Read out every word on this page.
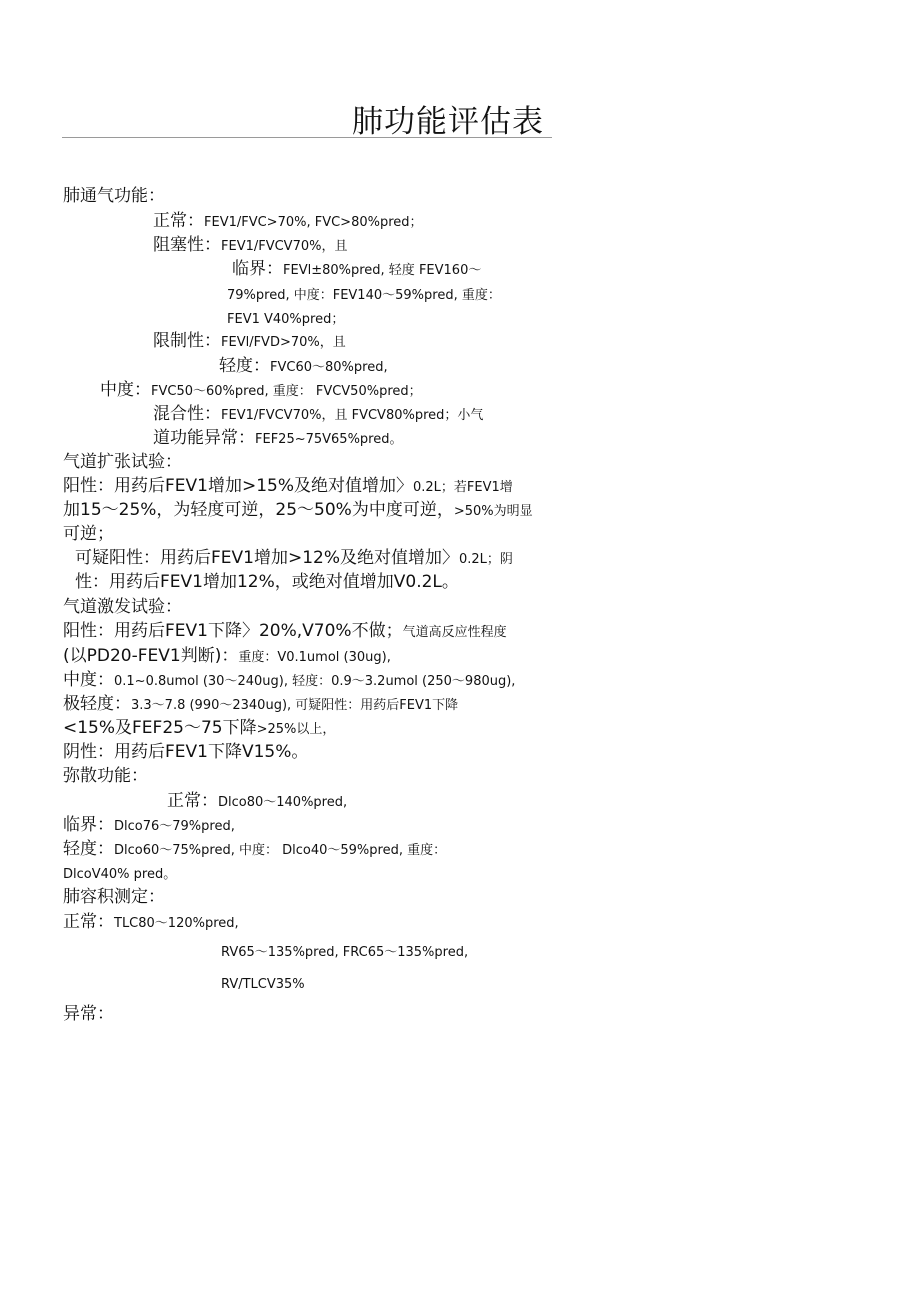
肺功能评估表
肺通气功能：
正常：FEV1/FVC>70%, FVC>80%pred；
阻塞性：FEV1/FVCV70%，且
临界：FEVl±80%pred, 轻度 FEV160〜
79%pred, 中度：FEV140〜59%pred, 重度：
FEV1 V40%pred；
限制性：FEVl/FVD>70%，且
轻度：FVC60〜80%pred,
中度：FVC50〜60%pred, 重度： FVCV50%pred；
混合性：FEV1/FVCV70%，且 FVCV80%pred；小气
道功能异常：FEF25~75V65%pred。
气道扩张试验：
阳性：用药后FEV1增加>15%及绝对值增加〉0.2L；若FEV1增
加15〜25%，为轻度可逆，25〜50%为中度可逆，>50%为明显
可逆；
可疑阳性：用药后FEV1增加>12%及绝对值增加〉0.2L；阴
性：用药后FEV1增加12%，或绝对值增加V0.2L。
气道激发试验：
阳性：用药后FEV1下降〉20%,V70%不做；气道高反应性程度
(以PD20-FEV1判断)：重度：V0.1umol (30ug),
中度：0.1~0.8umol (30〜240ug), 轻度：0.9〜3.2umol (250〜980ug),
极轻度：3.3〜7.8 (990〜2340ug), 可疑阳性：用药后FEV1下降
<15%及FEF25〜75下降>25%以上，
阴性：用药后FEV1下降V15%。
弥散功能：
正常：Dlco80〜140%pred,
临界：Dlco76〜79%pred,
轻度：Dlco60〜75%pred, 中度： Dlco40〜59%pred, 重度：
DlcoV40% pred。
肺容积测定：
正常：TLC80〜120%pred,
RV65〜135%pred, FRC65〜135%pred,
RV/TLCV35%
异常：
